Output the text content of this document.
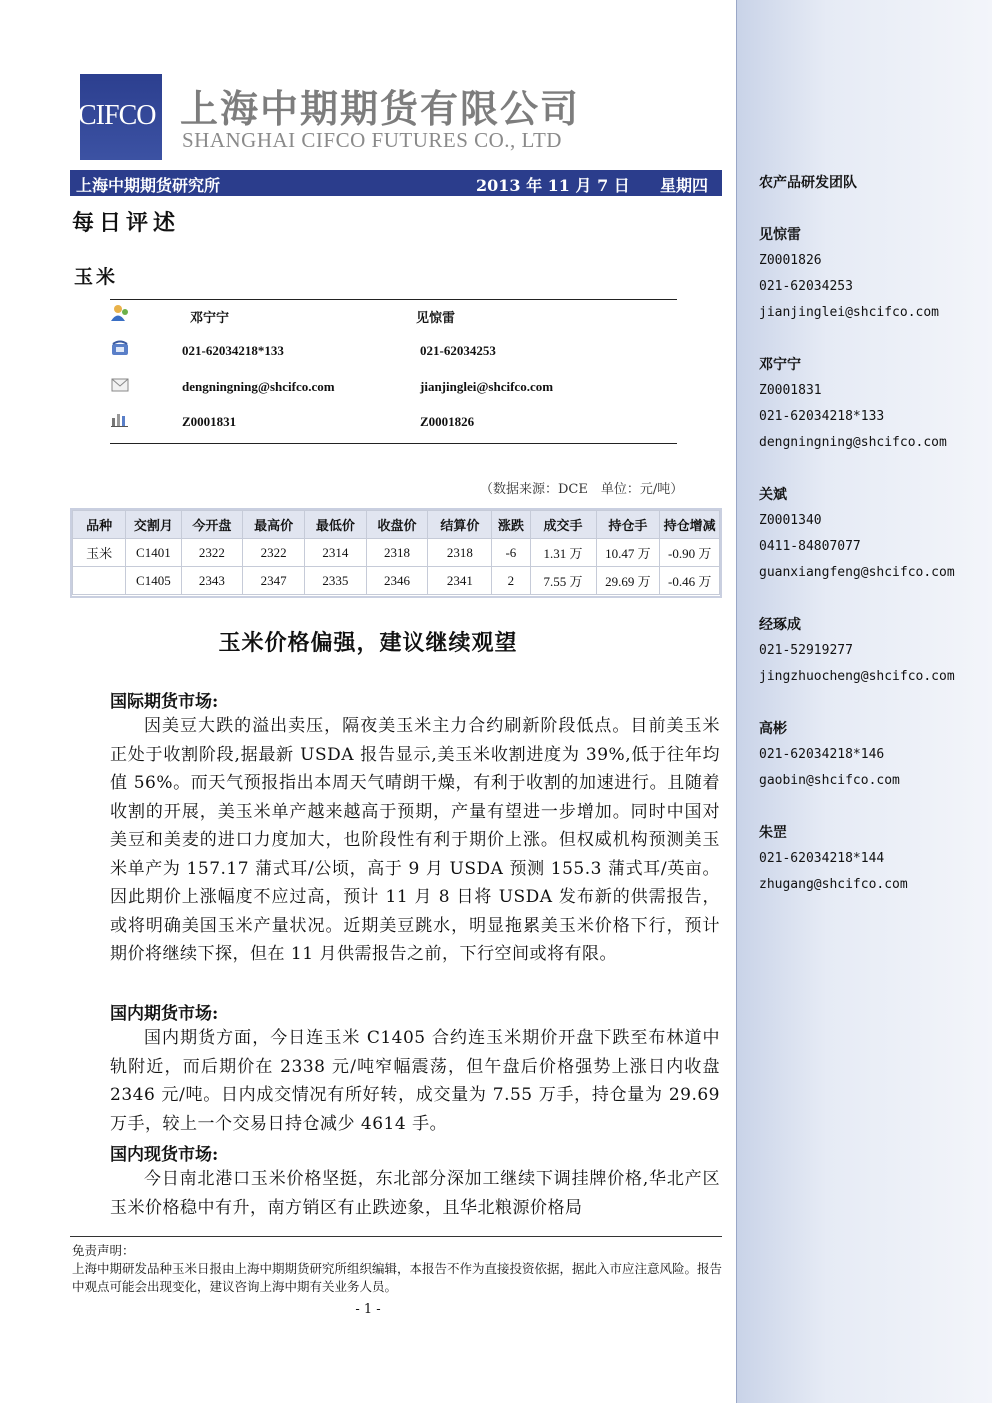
农产品研发团队
见惊雷
Z0001826
021-62034253
jianjinglei@shcifco.com
邓宁宁
Z0001831
021-62034218*133
dengningning@shcifco.com
关斌
Z0001340
0411-84807077
guanxiangfeng@shcifco.com
经琢成
021-52919277
jingzhuocheng@shcifco.com
高彬
021-62034218*146
gaobin@shcifco.com
朱罡
021-62034218*144
zhugang@shcifco.com
CIFCO 上海中期期货有限公司
SHANGHAI CIFCO FUTURES CO., LTD
上海中期期货研究所	2013 年 11 月 7 日 星期四
每日评述
玉米
邓宁宁	见惊雷
021-62034218*133	021-62034253
dengningning@shcifco.com	jianjinglei@shcifco.com
Z0001831	Z0001826
（数据来源：DCE　单位：元/吨）
品种	交割月	今开盘	最高价	最低价	收盘价	结算价	涨跌	成交手	持仓手	持仓增减
玉米	C1401	2322	2322	2314	2318	2318	-6	1.31 万	10.47 万	-0.90 万
	C1405	2343	2347	2335	2346	2341	2	7.55 万	29.69 万	-0.46 万
玉米价格偏强，建议继续观望
国际期货市场:
因美豆大跌的溢出卖压，隔夜美玉米主力合约刷新阶段低点。目前美玉米正处于收割阶段,据最新 USDA 报告显示,美玉米收割进度为 39%,低于往年均值 56%。而天气预报指出本周天气晴朗干燥，有利于收割的加速进行。且随着收割的开展，美玉米单产越来越高于预期，产量有望进一步增加。同时中国对美豆和美麦的进口力度加大，也阶段性有利于期价上涨。但权威机构预测美玉米单产为 157.17 蒲式耳/公顷，高于 9 月 USDA 预测 155.3 蒲式耳/英亩。因此期价上涨幅度不应过高，预计 11 月 8 日将 USDA 发布新的供需报告，或将明确美国玉米产量状况。近期美豆跳水，明显拖累美玉米价格下行，预计期价将继续下探，但在 11 月供需报告之前，下行空间或将有限。
国内期货市场:
国内期货方面，今日连玉米 C1405 合约连玉米期价开盘下跌至布林道中轨附近，而后期价在 2338 元/吨窄幅震荡，但午盘后价格强势上涨日内收盘 2346 元/吨。日内成交情况有所好转，成交量为 7.55 万手，持仓量为 29.69 万手，较上一个交易日持仓减少 4614 手。
国内现货市场:
今日南北港口玉米价格坚挺，东北部分深加工继续下调挂牌价格,华北产区玉米价格稳中有升，南方销区有止跌迹象，且华北粮源价格局
免责声明：
上海中期研发品种玉米日报由上海中期期货研究所组织编辑，本报告不作为直接投资依据，据此入市应注意风险。报告中观点可能会出现变化，建议咨询上海中期有关业务人员。
- 1 -
